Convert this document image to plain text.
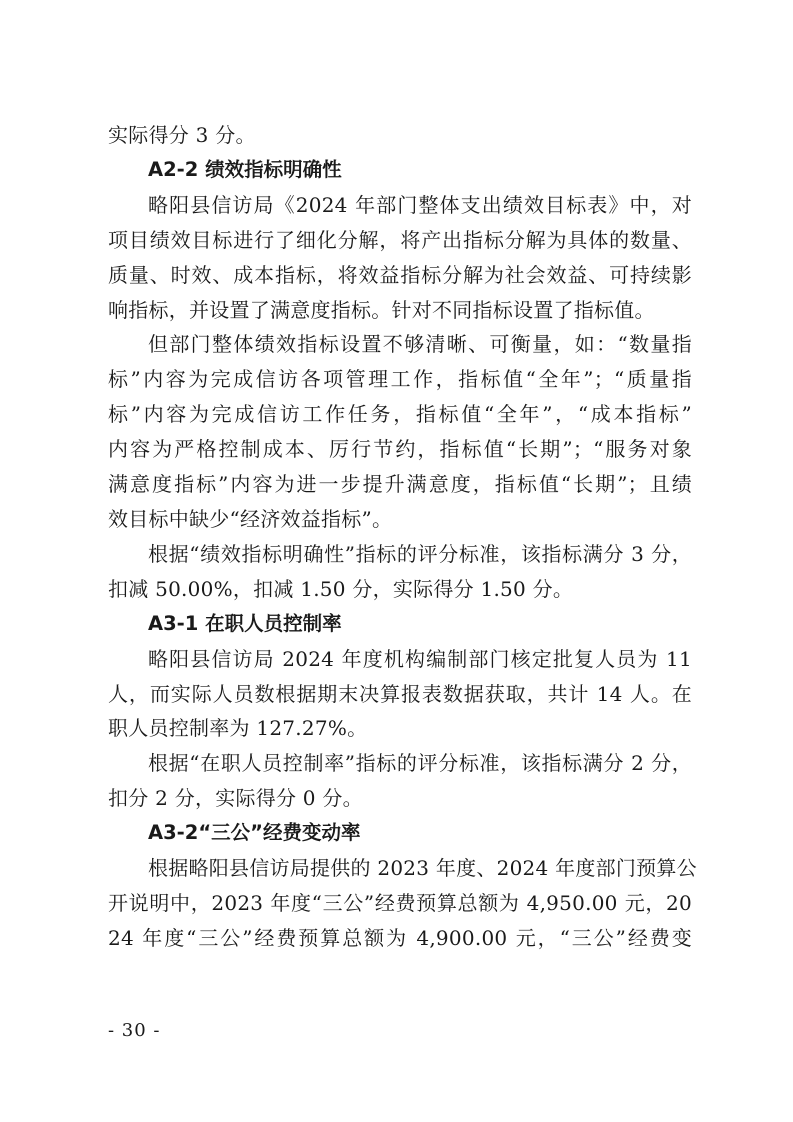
实际得分 3 分。
A2-2 绩效指标明确性
略阳县信访局《2024 年部门整体支出绩效目标表》中，对
项目绩效目标进行了细化分解，将产出指标分解为具体的数量、
质量、时效、成本指标，将效益指标分解为社会效益、可持续影
响指标，并设置了满意度指标。针对不同指标设置了指标值。
但部门整体绩效指标设置不够清晰、可衡量，如：“数量指
标”内容为完成信访各项管理工作，指标值“全年”；“质量指
标”内容为完成信访工作任务，指标值“全年”，“成本指标”
内容为严格控制成本、厉行节约，指标值“长期”；“服务对象
满意度指标”内容为进一步提升满意度，指标值“长期”；且绩
效目标中缺少“经济效益指标”。
根据“绩效指标明确性”指标的评分标准，该指标满分 3 分，
扣减 50.00%，扣减 1.50 分，实际得分 1.50 分。
A3-1 在职人员控制率
略阳县信访局 2024 年度机构编制部门核定批复人员为 11
人，而实际人员数根据期末决算报表数据获取，共计 14 人。在
职人员控制率为 127.27%。
根据“在职人员控制率”指标的评分标准，该指标满分 2 分，
扣分 2 分，实际得分 0 分。
A3-2“三公”经费变动率
根据略阳县信访局提供的 2023 年度、2024 年度部门预算公
开说明中，2023 年度“三公”经费预算总额为 4,950.00 元，20
24 年度“三公”经费预算总额为 4,900.00 元，“三公”经费变
- 30 -
